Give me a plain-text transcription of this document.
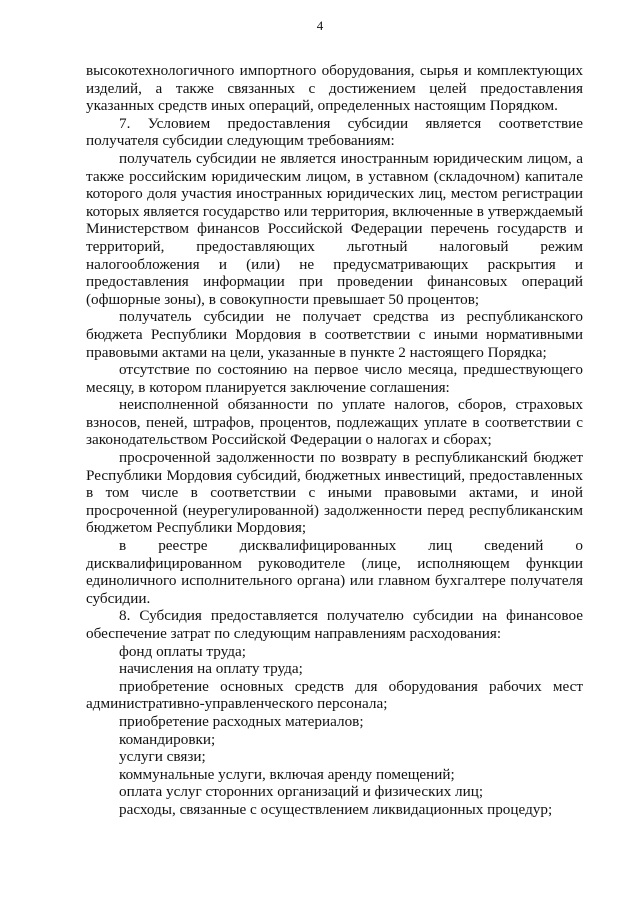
4

высокотехнологичного импортного оборудования, сырья и комплектующих изделий, а также связанных с достижением целей предоставления указанных средств иных операций, определенных настоящим Порядком.

7. Условием предоставления субсидии является соответствие получателя субсидии следующим требованиям:

получатель субсидии не является иностранным юридическим лицом, а также российским юридическим лицом, в уставном (складочном) капитале которого доля участия иностранных юридических лиц, местом регистрации которых является государство или территория, включенные в утверждаемый Министерством финансов Российской Федерации перечень государств и территорий, предоставляющих льготный налоговый режим налогообложения и (или) не предусматривающих раскрытия и предоставления информации при проведении финансовых операций (офшорные зоны), в совокупности превышает 50 процентов;

получатель субсидии не получает средства из республиканского бюджета Республики Мордовия в соответствии с иными нормативными правовыми актами на цели, указанные в пункте 2 настоящего Порядка;

отсутствие по состоянию на первое число месяца, предшествующего месяцу, в котором планируется заключение соглашения:

неисполненной обязанности по уплате налогов, сборов, страховых взносов, пеней, штрафов, процентов, подлежащих уплате в соответствии с законодательством Российской Федерации о налогах и сборах;

просроченной задолженности по возврату в республиканский бюджет Республики Мордовия субсидий, бюджетных инвестиций, предоставленных в том числе в соответствии с иными правовыми актами, и иной просроченной (неурегулированной) задолженности перед республиканским бюджетом Республики Мордовия;

в реестре дисквалифицированных лиц сведений о дисквалифицированном руководителе (лице, исполняющем функции единоличного исполнительного органа) или главном бухгалтере получателя субсидии.

8. Субсидия предоставляется получателю субсидии на финансовое обеспечение затрат по следующим направлениям расходования:

фонд оплаты труда;

начисления на оплату труда;

приобретение основных средств для оборудования рабочих мест административно-управленческого персонала;

приобретение расходных материалов;

командировки;

услуги связи;

коммунальные услуги, включая аренду помещений;

оплата услуг сторонних организаций и физических лиц;

расходы, связанные с осуществлением ликвидационных процедур;
